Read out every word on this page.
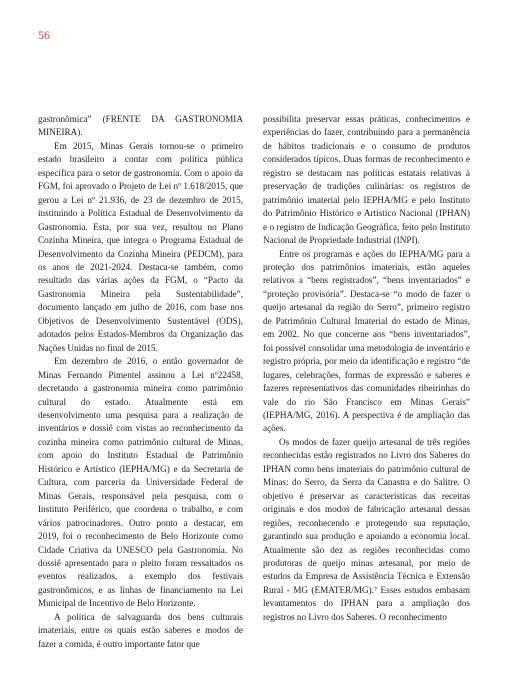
56

gastronômica” (FRENTE DA GASTRONOMIA MINEIRA).

Em 2015, Minas Gerais tornou-se o primeiro estado brasileiro a contar com política pública específica para o setor de gastronomia. Com o apoio da FGM, foi aprovado o Projeto de Lei nº 1.618/2015, que gerou a Lei nº 21.936, de 23 de dezembro de 2015, instituindo a Política Estadual de Desenvolvimento da Gastronomia. Esta, por sua vez, resultou no Plano Cozinha Mineira, que integra o Programa Estadual de Desenvolvimento da Cozinha Mineira (PEDCM), para os anos de 2021-2024. Destaca-se também, como resultado das várias ações da FGM, o “Pacto da Gastronomia Mineira pela Sustentabilidade”, documento lançado em julho de 2016, com base nos Objetivos de Desenvolvimento Sustentável (ODS), adotados pelos Estados-Membros da Organização das Nações Unidas no final de 2015.

Em dezembro de 2016, o então governador de Minas Fernando Pimentel assinou a Lei nº22458, decretando a gastronomia mineira como patrimônio cultural do estado. Atualmente está em desenvolvimento uma pesquisa para a realização de inventários e dossiê com vistas ao reconhecimento da cozinha mineira como patrimônio cultural de Minas, com apoio do Instituto Estadual de Patrimônio Histórico e Artístico (IEPHA/MG) e da Secretaria de Cultura, com parceria da Universidade Federal de Minas Gerais, responsável pela pesquisa, com o Instituto Periférico, que coordena o trabalho, e com vários patrocinadores. Outro ponto a destacar, em 2019, foi o reconhecimento de Belo Horizonte como Cidade Criativa da UNESCO pela Gastronomia. No dossiê apresentado para o pleito foram ressaltados os eventos realizados, a exemplo dos festivais gastronômicos, e as linhas de financiamento na Lei Municipal de Incentivo de Belo Horizonte.

A política de salvaguarda dos bens culturais imateriais, entre os quais estão saberes e modos de fazer a comida, é outro importante fator que

possibilita preservar essas práticas, conhecimentos e experiências do fazer, contribuindo para a permanência de hábitos tradicionais e o consumo de produtos considerados típicos. Duas formas de reconhecimento e registro se destacam nas políticas estatais relativas à preservação de tradições culinárias: os registros de patrimônio imaterial pelo IEPHA/MG e pelo Instituto do Patrimônio Histórico e Artístico Nacional (IPHAN) e o registro de Indicação Geográfica, feito pelo Instituto Nacional de Propriedade Industrial (INPI).

Entre os programas e ações do IEPHA/MG para a proteção dos patrimônios imateriais, estão aqueles relativos a “bens registrados”, “bens inventariados” e “proteção provisória”. Destaca-se “o modo de fazer o queijo artesanal da região do Serro”, primeiro registro de Patrimônio Cultural Imaterial do estado de Minas, em 2002. No que concerne aos “bens inventariados”, foi possível consolidar uma metodologia de inventário e registro própria, por meio da identificação e registro “de lugares, celebrações, formas de expressão e saberes e fazeres representativos das comunidades ribeirinhas do vale do rio São Francisco em Minas Gerais” (IEPHA/MG, 2016). A perspectiva é de ampliação das ações.

Os modos de fazer queijo artesanal de três regiões reconhecidas estão registrados no Livro dos Saberes do IPHAN como bens imateriais do patrimônio cultural de Minas: do Serro, da Serra da Canastra e do Salitre. O objetivo é preservar as características das receitas originais e dos modos de fabricação artesanal dessas regiões, reconhecendo e protegendo sua reputação, garantindo sua produção e apoiando a economia local. Atualmente são dez as regiões reconhecidas como produtoras de queijo minas artesanal, por meio de estudos da Empresa de Assistência Técnica e Extensão Rural - MG (EMATER/MG).⁷ Esses estudos embasam levantamentos do IPHAN para a ampliação dos registros no Livro dos Saberes. O reconhecimento
